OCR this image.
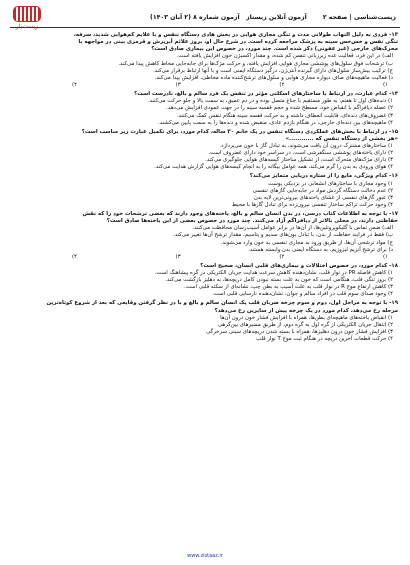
زیست‌باز
آزمون آنلاین زیستاز   آزمون شماره ۸ (۲ آبان ۱۴۰۳)	زیست‌شناسی | صفحه ۲

۱۳- فردی به دلیل التهاب طولانی مدت و تنگی مجاری هوایی در بخش هادی دستگاه تنفس و با علایم کم‌هوایی شدید، سرفه،

تنگی نفس و خس‌خس سینه به پزشک مراجعه کرده است. در شرح حال او، بروز علائم آبریزش و قرمزی بینی در مواجهه با

محرک‌های خارجی (غیر عفونی) ذکر شده است. چند مورد، در خصوص این بیماری صادق است؟

الف) در این فرد، فعالیت غده زیرزبانی تنفس کم شده، و مقدار اکسیژن خون افزایش یافته است.

ب) ترشحات فوق سلول‌های پوششی مجاری هوایی افزایش یافته، و حرکت مژک‌ها برای جابه‌جایی مخاط کاهش پیدا می‌کند.

ج) ترکیب بیش‌ساز سلول‌های دارای گیرنده آنتی‌ژن، درگیر دستگاه ایمنی است و با آنها ارتباط برقرار می‌کند.

د) فعالیت ماهیچه‌های صاف دیواره مجاری هوایی و سلول‌های ترشح‌کننده ماده مخاطی، افزایش پیدا می‌کند.

۱)
۲)
۳)
۴)

۱۴- کدام عبارت، در ارتباط با ساختارهای اسکلتی مؤثر در تنفس یک فرد سالم و بالغ، نادرست است؟

۱) دنده‌های اول تا هفتم، به طور مستقیم با جناغ متصل بوده و در دم عمیق، به سمت بالا و جلو حرکت می‌کنند.

۲) عضله دیافراگم با انقباض خود، مسطح شده و حجم قفسه سینه را در جهت عمودی افزایش می‌دهد.

۳) غضروف‌های دنده‌ای، قابلیت انعطاف داشته و به حرکت قفسه سینه هنگام تنفس کمک می‌کنند.

۴) ماهیچه‌های بین دنده‌ای خارجی، در هنگام بازدم عادی، منقبض شده و دنده‌ها را به سمت پایین می‌کشند.

۱۵- در ارتباط با بخش‌های عملکردی دستگاه تنفس در یک خانم ۳۰ ساله، کدام مورد، برای تکمیل عبارت زیر مناسب است؟

«هر بخشی از دستگاه تنفس که ............»

۱) ساختارهای مشترک درون آن یافت می‌شوند، به تبادل گاز با خون می‌پردازد.

۲) دارای یاخته‌های پوششی سنگفرشی است، در سراسر خود دارای غضروف است.

۳) دارای مژک‌های متحرک است، از تشکیل ساختار کیسه‌های هوایی جلوگیری می‌کند.

۴) هوای ورودی به بدن را گرم می‌کند، همه عوامل بیگانه را به انجام کیسه‌های هوایی گزارش هدایت می‌کند.

۱۶- کدام ویژگی، مایع را از ستاره دریایی متمایز می‌کند؟

۱) وجود مجاری با ساختارهای انشعابی در نزدیکی پوست

۲) عدم دخالت دستگاه گردش مواد در جابه‌جایی گازهای تنفسی

۳) عبور گازهای تنفسی از غشای یاخته‌های بیرونی‌ترین لایه بدن

۴) وجود حرکت تراکم ساختار تنفسی بیرون‌زده برای تبادل گازها با محیط

۱۷- با توجه به اطلاعات کتاب درسی، در بدن انسان سالم و بالغ، یاخته‌های وجود دارند که بعضی ترشحات خود را که نقش

حفاظتی دارند، در محلی بالاتر از دیافراگم آزاد می‌کنند. چند مورد در خصوص بعضی از این یاخته‌ها صادق است؟

الف) ضمن تماس با گلیکوپروتئین‌ها، از آن‌ها در برابر عوامل آسیب‌رسان محافظت می‌کنند.

ب) فقط در فرایند حفاظت از بدن، با تبادل یون‌های سدیم و پتاسیم، مقدار ترشح آن‌ها تغییر می‌کند.

ج) مواد ترشحی آن‌ها، از طریق ورود به مجاری تنفسی به خون وارد می‌شوند.

د) برای ترشح آنزیم لیزوزیم، به دستگاه ایمنی بدن وابسته هستند.

۱)
۲)
۳)
۴)

۱۸- کدام مورد، در خصوص اختلالات و بیماری‌های قلبی انسان، صحیح است؟

۱) کاهش فاصله PR در نوار قلب، نشان‌دهنده کاهش سرعت هدایت جریان الکتریکی در گره پیشاهنگ است.

۲) بروز تنگی قلب، هنگامی است که خون به علت بسته نبودن کامل دریچه‌ها، به دهلیز بازگشت می‌کند.

۳) کاهش ارتفاع موج R در نوار قلب به علت آسیب به بطن چپ، نشانه‌ای از سکته قلبی است.

۴) وجود صدای سوم قلب در افراد سالم و جوان، نشان‌دهنده نارسایی قلبی است.

۱۹- با توجه به مراحل اول، دوم و سوم چرخه ضربان قلب یک انسان سالم و بالغ و با در نظر گرفتن وقایعی که بعد از شروع کوتاه‌ترین

مرحله رخ می‌دهد، کدام مورد در یک چرخه پیش از سایرین رخ می‌دهد؟

۱) انقباض یاخته‌های ماهیچه‌ای بطن‌ها، همراه با افزایش فشار خون درون آن‌ها

۲) انتقال جریان الکتریکی از گره اول به گره دوم، از طریق مسیرهای بین‌گرهی

۳) افزایش فشار خون درون دهلیزها، همراه با بسته شدن دریچه‌های سینی سرخرگی

۴) حرکت قطعات آخرین دریچه در هنگام ثبت موج T نوار قلب

www.zistaaz.ir
